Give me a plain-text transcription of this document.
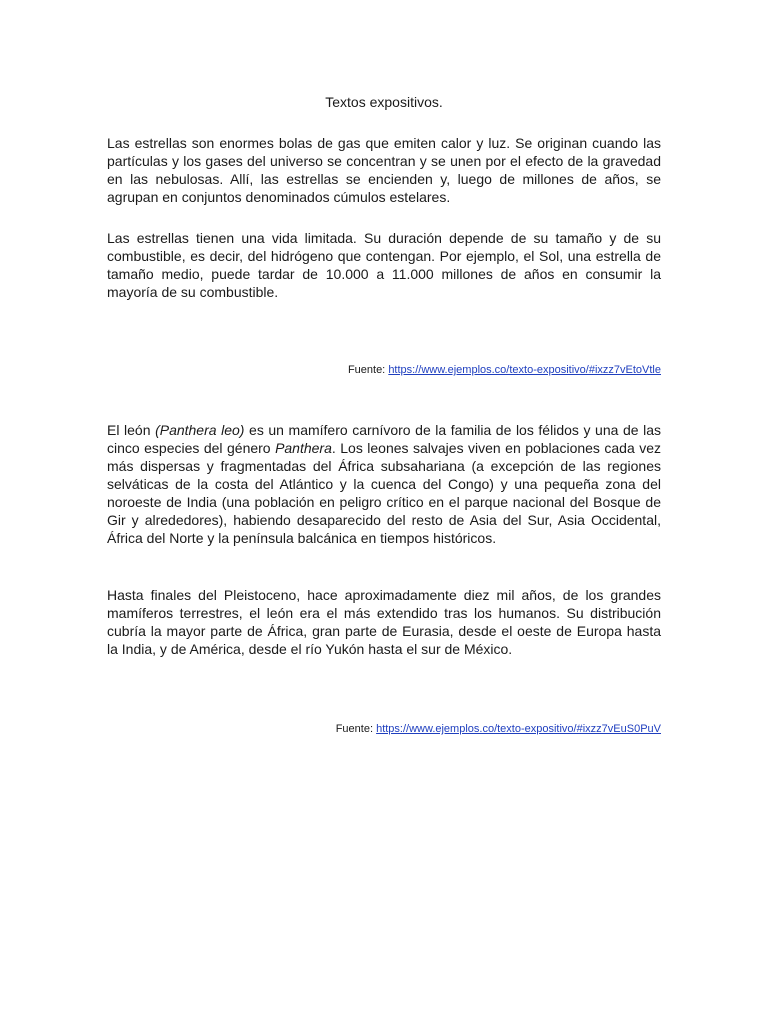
Textos expositivos.

Las estrellas son enormes bolas de gas que emiten calor y luz. Se originan cuando las partículas y los gases del universo se concentran y se unen por el efecto de la gravedad en las nebulosas. Allí, las estrellas se encienden y, luego de millones de años, se agrupan en conjuntos denominados cúmulos estelares.

Las estrellas tienen una vida limitada. Su duración depende de su tamaño y de su combustible, es decir, del hidrógeno que contengan. Por ejemplo, el Sol, una estrella de tamaño medio, puede tardar de 10.000 a 11.000 millones de años en consumir la mayoría de su combustible.

Fuente: https://www.ejemplos.co/texto-expositivo/#ixzz7vEtoVtle

El león (Panthera leo) es un mamífero carnívoro de la familia de los félidos y una de las cinco especies del género Panthera. Los leones salvajes viven en poblaciones cada vez más dispersas y fragmentadas del África subsahariana (a excepción de las regiones selváticas de la costa del Atlántico y la cuenca del Congo) y una pequeña zona del noroeste de India (una población en peligro crítico en el parque nacional del Bosque de Gir y alrededores), habiendo desaparecido del resto de Asia del Sur, Asia Occidental, África del Norte y la península balcánica en tiempos históricos.

Hasta finales del Pleistoceno, hace aproximadamente diez mil años, de los grandes mamíferos terrestres, el león era el más extendido tras los humanos. Su distribución cubría la mayor parte de África, gran parte de Eurasia, desde el oeste de Europa hasta la India, y de América, desde el río Yukón hasta el sur de México.

Fuente: https://www.ejemplos.co/texto-expositivo/#ixzz7vEuS0PuV
